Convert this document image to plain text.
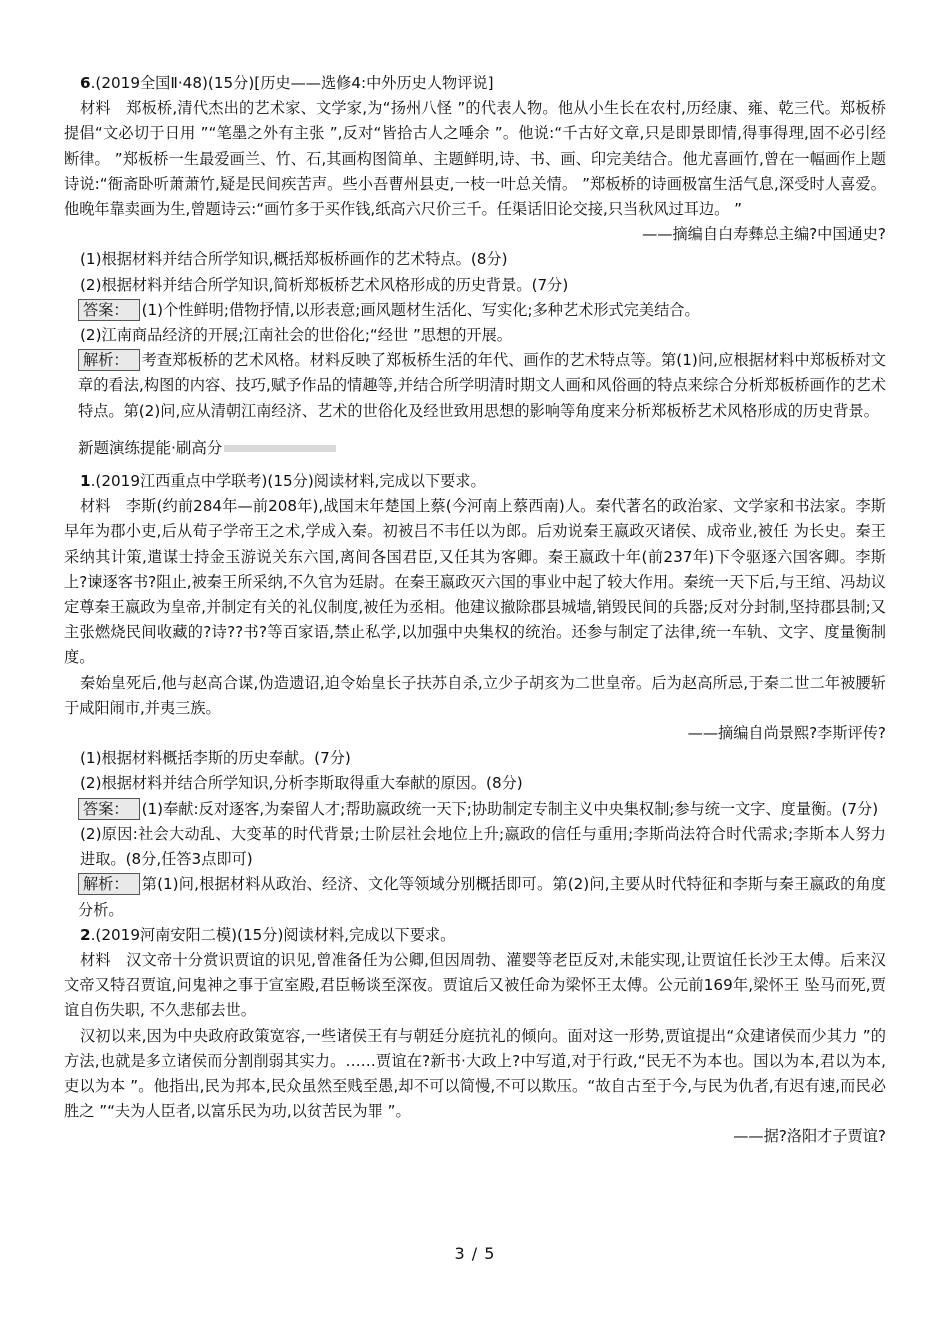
6.(2019全国Ⅱ·48)(15分)[历史——选修4:中外历史人物评说]

材料　郑板桥,清代杰出的艺术家、文学家,为“扬州八怪 ”的代表人物。他从小生长在农村,历经康、雍、乾三代。郑板桥提倡“文必切于日用 ”“笔墨之外有主张 ”,反对“皆拾古人之唾余 ”。他说:“千古好文章,只是即景即情,得事得理,固不必引经断律。 ”郑板桥一生最爱画兰、竹、石,其画构图简单、主题鲜明,诗、书、画、印完美结合。他尤喜画竹,曾在一幅画作上题诗说:“衙斋卧听萧萧竹,疑是民间疾苦声。些小吾曹州县吏,一枝一叶总关情。 ”郑板桥的诗画极富生活气息,深受时人喜爱。他晚年靠卖画为生,曾题诗云:“画竹多于买作钱,纸高六尺价三千。任渠话旧论交接,只当秋风过耳边。 ”

——摘编自白寿彝总主编?中国通史?

(1)根据材料并结合所学知识,概括郑板桥画作的艺术特点。(8分)

(2)根据材料并结合所学知识,简析郑板桥艺术风格形成的历史背景。(7分)

答案： (1)个性鲜明;借物抒情,以形表意;画风题材生活化、写实化;多种艺术形式完美结合。

(2)江南商品经济的开展;江南社会的世俗化;“经世 ”思想的开展。

解析： 考查郑板桥的艺术风格。材料反映了郑板桥生活的年代、画作的艺术特点等。第(1)问,应根据材料中郑板桥对文章的看法,构图的内容、技巧,赋予作品的情趣等,并结合所学明清时期文人画和风俗画的特点来综合分析郑板桥画作的艺术特点。第(2)问,应从清朝江南经济、艺术的世俗化及经世致用思想的影响等角度来分析郑板桥艺术风格形成的历史背景。

新题演练提能·刷高分

1.(2019江西重点中学联考)(15分)阅读材料,完成以下要求。

材料　李斯(约前284年—前208年),战国末年楚国上蔡(今河南上蔡西南)人。秦代著名的政治家、文学家和书法家。李斯早年为郡小吏,后从荀子学帝王之术,学成入秦。初被吕不韦任以为郎。后劝说秦王嬴政灭诸侯、成帝业,被任 为长史。秦王采纳其计策,遣谋士持金玉游说关东六国,离间各国君臣,又任其为客卿。秦王嬴政十年(前237年)下令驱逐六国客卿。李斯上?谏逐客书?阻止,被秦王所采纳,不久官为廷尉。在秦王嬴政灭六国的事业中起了较大作用。秦统一天下后,与王绾、冯劫议定尊秦王嬴政为皇帝,并制定有关的礼仪制度,被任为丞相。他建议撤除郡县城墙,销毁民间的兵器;反对分封制,坚持郡县制;又主张燃烧民间收藏的?诗??书?等百家语,禁止私学,以加强中央集权的统治。还参与制定了法律,统一车轨、文字、度量衡制度。

秦始皇死后,他与赵高合谋,伪造遗诏,迫令始皇长子扶苏自杀,立少子胡亥为二世皇帝。后为赵高所忌,于秦二世二年被腰斩于咸阳闹市,并夷三族。

——摘编自尚景熙?李斯评传?

(1)根据材料概括李斯的历史奉献。(7分)

(2)根据材料并结合所学知识,分析李斯取得重大奉献的原因。(8分)

答案： (1)奉献:反对逐客,为秦留人才;帮助嬴政统一天下;协助制定专制主义中央集权制;参与统一文字、度量衡。(7分)

(2)原因:社会大动乱、大变革的时代背景;士阶层社会地位上升;嬴政的信任与重用;李斯尚法符合时代需求;李斯本人努力进取。(8分,任答3点即可)

解析： 第(1)问,根据材料从政治、经济、文化等领域分别概括即可。第(2)问,主要从时代特征和李斯与秦王嬴政的角度分析。

2.(2019河南安阳二模)(15分)阅读材料,完成以下要求。

材料　汉文帝十分赏识贾谊的识见,曾准备任为公卿,但因周勃、灌婴等老臣反对,未能实现,让贾谊任长沙王太傅。后来汉文帝又特召贾谊,问鬼神之事于宣室殿,君臣畅谈至深夜。贾谊后又被任命为梁怀王太傅。公元前169年,梁怀王 坠马而死,贾谊自伤失职, 不久悲郁去世。

汉初以来,因为中央政府政策宽容,一些诸侯王有与朝廷分庭抗礼的倾向。面对这一形势,贾谊提出“众建诸侯而少其力 ”的方法,也就是多立诸侯而分割削弱其实力。……贾谊在?新书·大政上?中写道,对于行政,“民无不为本也。国以为本,君以为本,吏以为本 ”。他指出,民为邦本,民众虽然至贱至愚,却不可以简慢,不可以欺压。“故自古至于今,与民为仇者,有迟有速,而民必胜之 ”“夫为人臣者,以富乐民为功,以贫苦民为罪 ”。

——据?洛阳才子贾谊?

3 / 5
